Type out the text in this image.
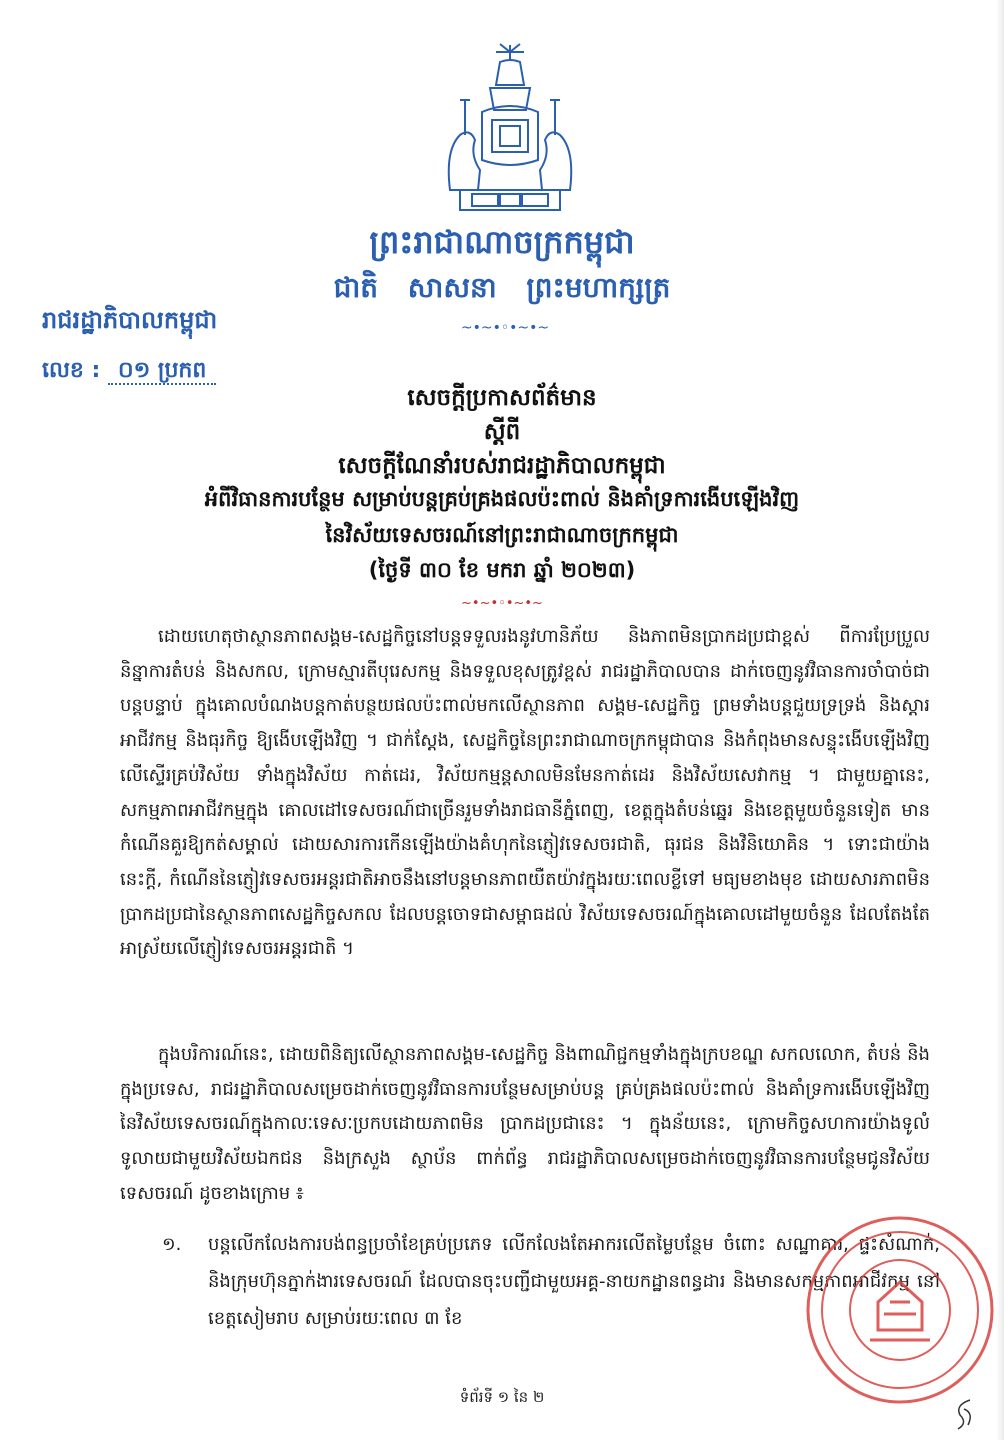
ព្រះរាជាណាចក្រកម្ពុជា
ជាតិ សាសនា ព្រះមហាក្សត្រ
~•~•◦•~•~
រាជរដ្ឋាភិបាលកម្ពុជា
លេខ : ០១ ប្រកព
សេចក្តីប្រកាសព័ត៌មាន
ស្តីពី
សេចក្តីណែនាំរបស់រាជរដ្ឋាភិបាលកម្ពុជា
អំពីវិធានការបន្ថែម សម្រាប់បន្តគ្រប់គ្រងផលប៉ះពាល់ និងគាំទ្រការងើបឡើងវិញ
នៃវិស័យទេសចរណ៍នៅព្រះរាជាណាចក្រកម្ពុជា
(ថ្ងៃទី ៣០ ខែ មករា ឆ្នាំ ២០២៣)
~•~•◦•~•~
ដោយហេតុថាស្ថានភាពសង្គម-សេដ្ឋកិច្ចនៅបន្តទទួលរងនូវហានិភ័យ និងភាពមិនប្រាកដប្រជាខ្ពស់ ពីការប្រែប្រួលនិន្នាការតំបន់ និងសកល, ក្រោមស្មារតីបុរេសកម្ម និងទទួលខុសត្រូវខ្ពស់ រាជរដ្ឋាភិបាលបាន ដាក់ចេញនូវវិធានការចាំបាច់ជាបន្តបន្ទាប់ ក្នុងគោលបំណងបន្តកាត់បន្ថយផលប៉ះពាល់មកលើស្ថានភាព សង្គម-សេដ្ឋកិច្ច ព្រមទាំងបន្តជួយទ្រទ្រង់ និងស្តារអាជីវកម្ម និងធុរកិច្ច ឱ្យងើបឡើងវិញ ។ ជាក់ស្តែង, សេដ្ឋកិច្ចនៃព្រះរាជាណាចក្រកម្ពុជាបាន និងកំពុងមានសន្ទុះងើបឡើងវិញ លើស្ទើរគ្រប់វិស័យ ទាំងក្នុងវិស័យ កាត់ដេរ, វិស័យកម្មន្តសាលមិនមែនកាត់ដេរ និងវិស័យសេវាកម្ម ។ ជាមួយគ្នានេះ, សកម្មភាពអាជីវកម្មក្នុង គោលដៅទេសចរណ៍ជាច្រើនរួមទាំងរាជធានីភ្នំពេញ, ខេត្តក្នុងតំបន់ឆ្នេរ និងខេត្តមួយចំនួនទៀត មាន កំណើនគួរឱ្យកត់សម្គាល់ ដោយសារការកើនឡើងយ៉ាងគំហុកនៃភ្ញៀវទេសចរជាតិ, ធុរជន និងវិនិយោគិន ។ ទោះជាយ៉ាងនេះក្តី, កំណើននៃភ្ញៀវទេសចរអន្តរជាតិអាចនឹងនៅបន្តមានភាពយឺតយ៉ាវក្នុងរយៈពេលខ្លីទៅ មធ្យមខាងមុខ ដោយសារភាពមិនប្រាកដប្រជានៃស្ថានភាពសេដ្ឋកិច្ចសកល ដែលបន្តចោទជាសម្ពាធដល់ វិស័យទេសចរណ៍ក្នុងគោលដៅមួយចំនួន ដែលតែងតែអាស្រ័យលើភ្ញៀវទេសចរអន្តរជាតិ ។
ក្នុងបរិការណ៍នេះ, ដោយពិនិត្យលើស្ថានភាពសង្គម-សេដ្ឋកិច្ច និងពាណិជ្ជកម្មទាំងក្នុងក្របខណ្ឌ សកលលោក, តំបន់ និងក្នុងប្រទេស, រាជរដ្ឋាភិបាលសម្រេចដាក់ចេញនូវវិធានការបន្ថែមសម្រាប់បន្ត គ្រប់គ្រងផលប៉ះពាល់ និងគាំទ្រការងើបឡើងវិញនៃវិស័យទេសចរណ៍ក្នុងកាលៈទេសៈប្រកបដោយភាពមិន ប្រាកដប្រជានេះ ។ ក្នុងន័យនេះ, ក្រោមកិច្ចសហការយ៉ាងទូលំទូលាយជាមួយវិស័យឯកជន និងក្រសួង ស្ថាប័ន ពាក់ព័ន្ធ រាជរដ្ឋាភិបាលសម្រេចដាក់ចេញនូវវិធានការបន្ថែមជូនវិស័យទេសចរណ៍ ដូចខាងក្រោម ៖
១.	បន្តលើកលែងការបង់ពន្ធប្រចាំខែគ្រប់ប្រភេទ លើកលែងតែអាករលើតម្លៃបន្ថែម ចំពោះ សណ្ឋាគារ, ផ្ទះសំណាក់, និងក្រុមហ៊ុនភ្នាក់ងារទេសចរណ៍ ដែលបានចុះបញ្ជីជាមួយអគ្គ-នាយកដ្ឋានពន្ធដារ និងមានសកម្មភាពអាជីវកម្ម នៅខេត្តសៀមរាប សម្រាប់រយៈពេល ៣ ខែ
ទំព័រទី ១ នៃ ២
